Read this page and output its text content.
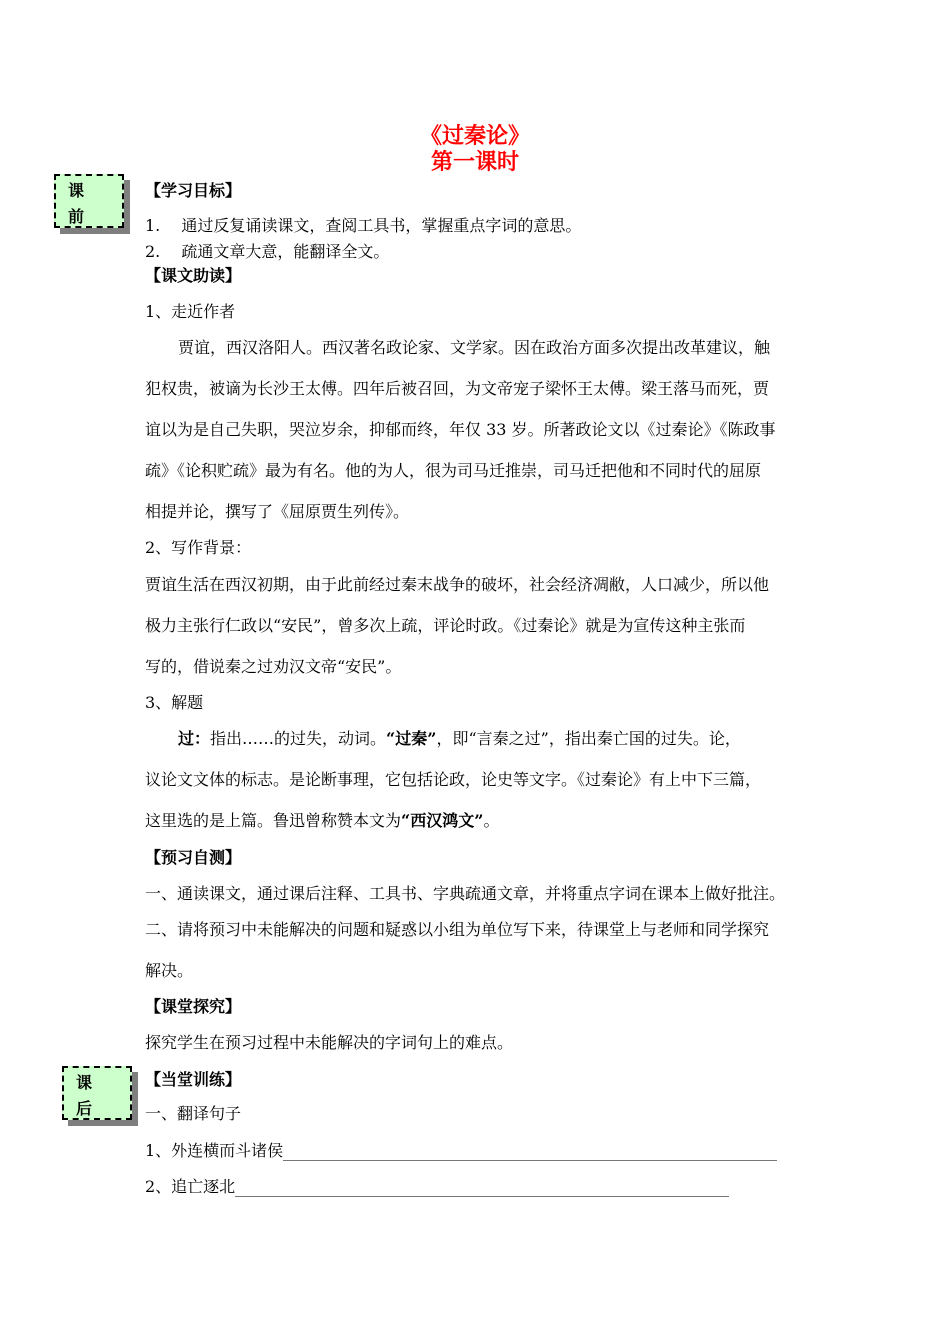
《过秦论》
第一课时
课
前
【学习目标】
1.　 通过反复诵读课文，查阅工具书，掌握重点字词的意思。
2.　 疏通文章大意，能翻译全文。
【课文助读】
1、走近作者
贾谊，西汉洛阳人。西汉著名政论家、文学家。因在政治方面多次提出改革建议，触
犯权贵，被谪为长沙王太傅。四年后被召回，为文帝宠子梁怀王太傅。梁王落马而死，贾
谊以为是自己失职，哭泣岁余，抑郁而终，年仅 33 岁。所著政论文以《过秦论》《陈政事
疏》《论积贮疏》最为有名。他的为人，很为司马迁推崇，司马迁把他和不同时代的屈原
相提并论，撰写了《屈原贾生列传》。
2、写作背景：
贾谊生活在西汉初期，由于此前经过秦末战争的破坏，社会经济凋敝，人口减少，所以他
极力主张行仁政以“安民”，曾多次上疏，评论时政。《过秦论》就是为宣传这种主张而
写的，借说秦之过劝汉文帝“安民”。
3、解题
过：指出……的过失，动词。“过秦”，即“言秦之过”，指出秦亡国的过失。论，
议论文文体的标志。是论断事理，它包括论政，论史等文字。《过秦论》有上中下三篇，
这里选的是上篇。鲁迅曾称赞本文为“西汉鸿文”。
【预习自测】
一、通读课文，通过课后注释、工具书、字典疏通文章，并将重点字词在课本上做好批注。
二、请将预习中未能解决的问题和疑惑以小组为单位写下来，待课堂上与老师和同学探究
解决。
【课堂探究】
探究学生在预习过程中未能解决的字词句上的难点。
课
后
【当堂训练】
一、翻译句子
1、外连横而斗诸侯
2、追亡逐北
